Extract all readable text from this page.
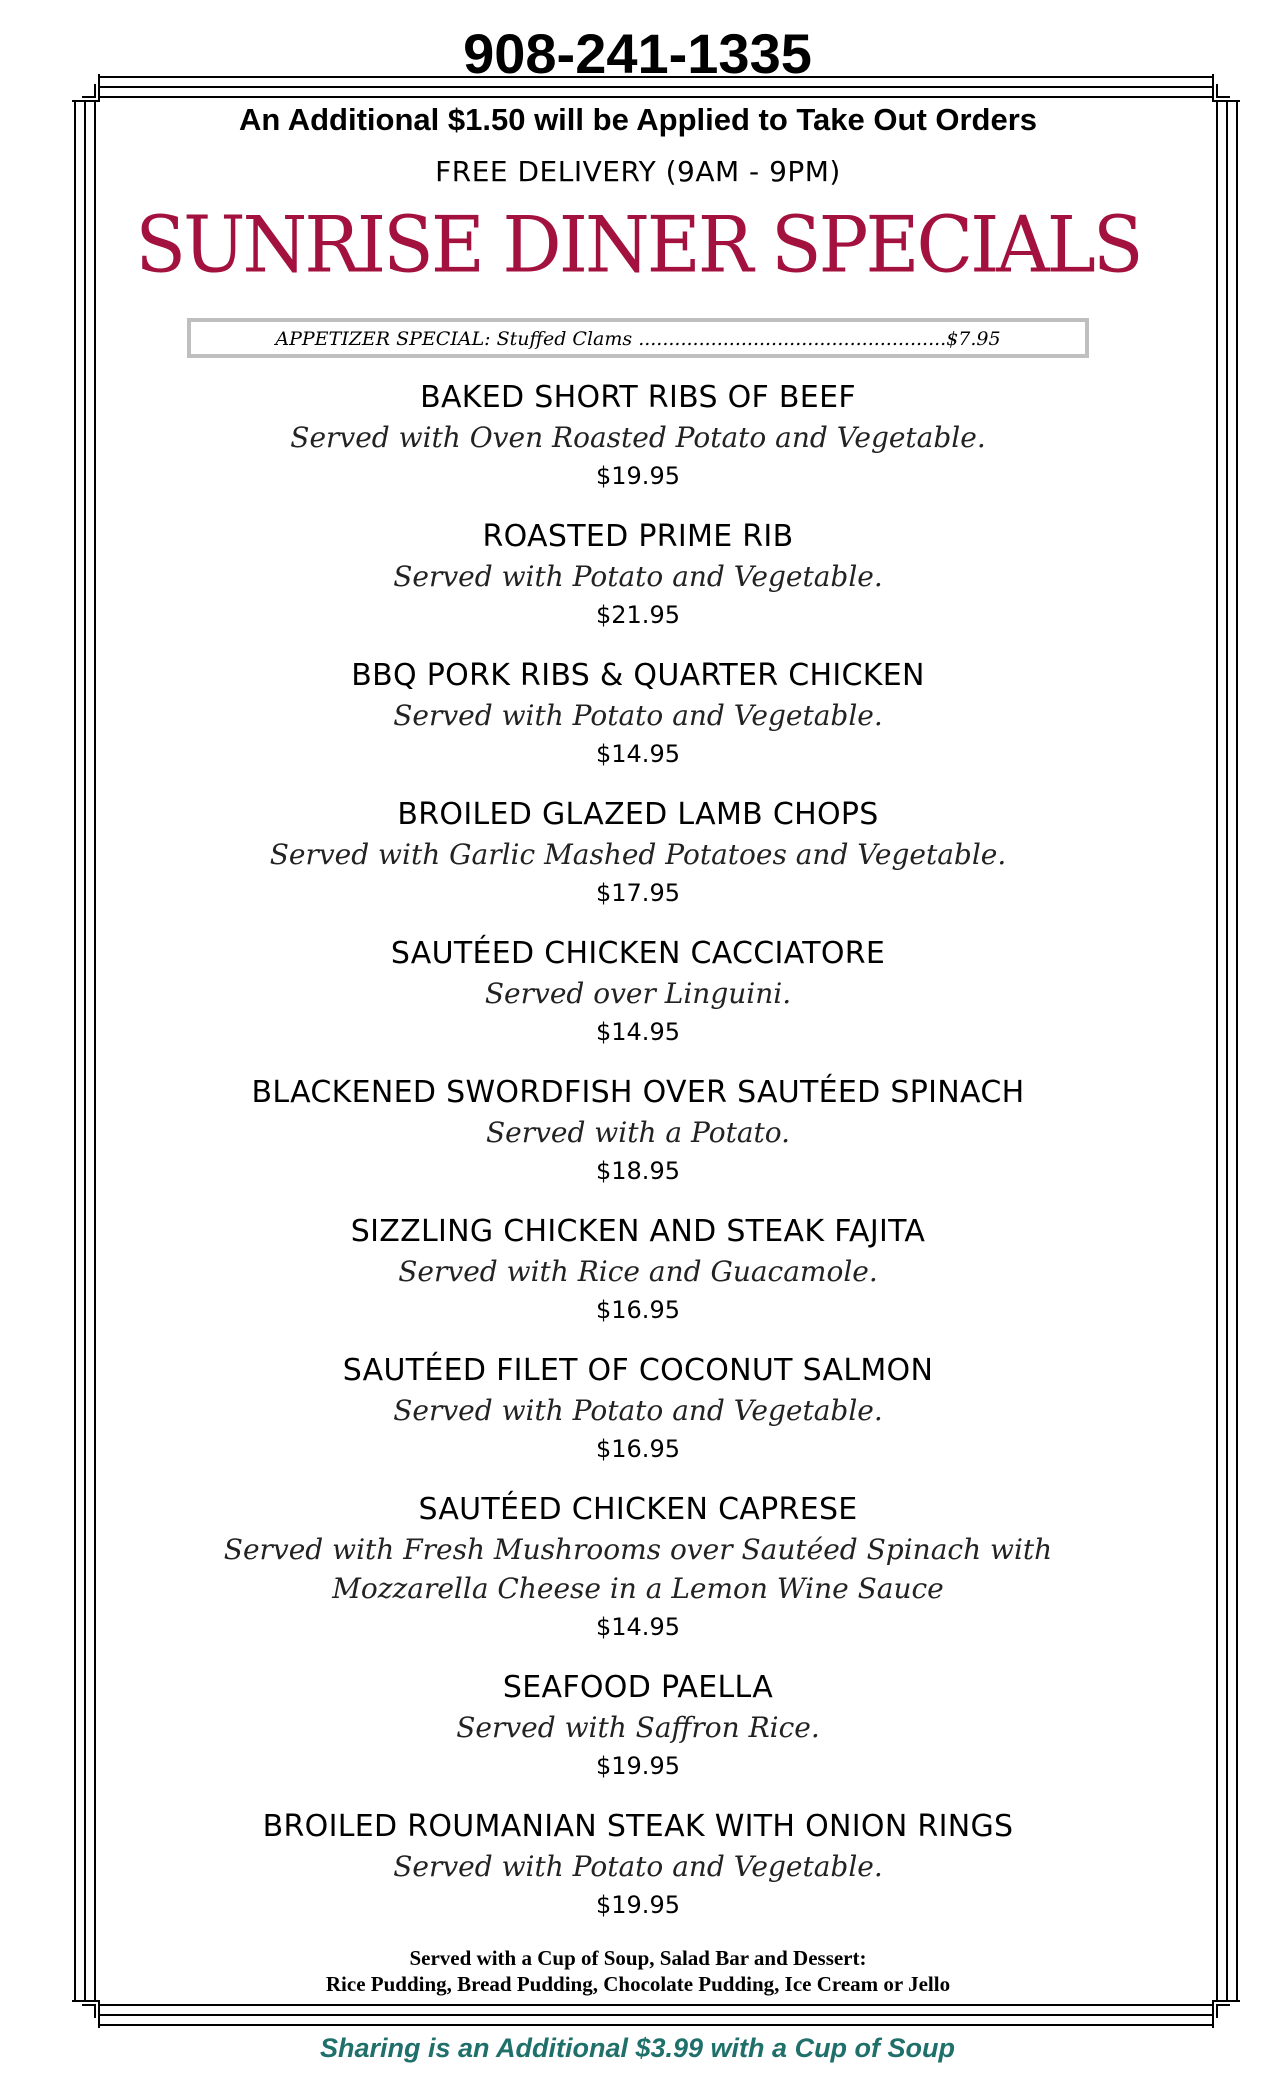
908-241-1335
An Additional $1.50 will be Applied to Take Out Orders
FREE DELIVERY (9AM - 9PM)
SUNRISE DINER SPECIALS
APPETIZER SPECIAL: Stuffed Clams ...................................................$7.95
BAKED SHORT RIBS OF BEEF
Served with Oven Roasted Potato and Vegetable.
$19.95
ROASTED PRIME RIB
Served with Potato and Vegetable.
$21.95
BBQ PORK RIBS & QUARTER CHICKEN
Served with Potato and Vegetable.
$14.95
BROILED GLAZED LAMB CHOPS
Served with Garlic Mashed Potatoes and Vegetable.
$17.95
SAUTÉED CHICKEN CACCIATORE
Served over Linguini.
$14.95
BLACKENED SWORDFISH OVER SAUTÉED SPINACH
Served with a Potato.
$18.95
SIZZLING CHICKEN AND STEAK FAJITA
Served with Rice and Guacamole.
$16.95
SAUTÉED FILET OF COCONUT SALMON
Served with Potato and Vegetable.
$16.95
SAUTÉED CHICKEN CAPRESE
Served with Fresh Mushrooms over Sautéed Spinach with
Mozzarella Cheese in a Lemon Wine Sauce
$14.95
SEAFOOD PAELLA
Served with Saffron Rice.
$19.95
BROILED ROUMANIAN STEAK WITH ONION RINGS
Served with Potato and Vegetable.
$19.95
Served with a Cup of Soup, Salad Bar and Dessert:
Rice Pudding, Bread Pudding, Chocolate Pudding, Ice Cream or Jello
Sharing is an Additional $3.99 with a Cup of Soup
